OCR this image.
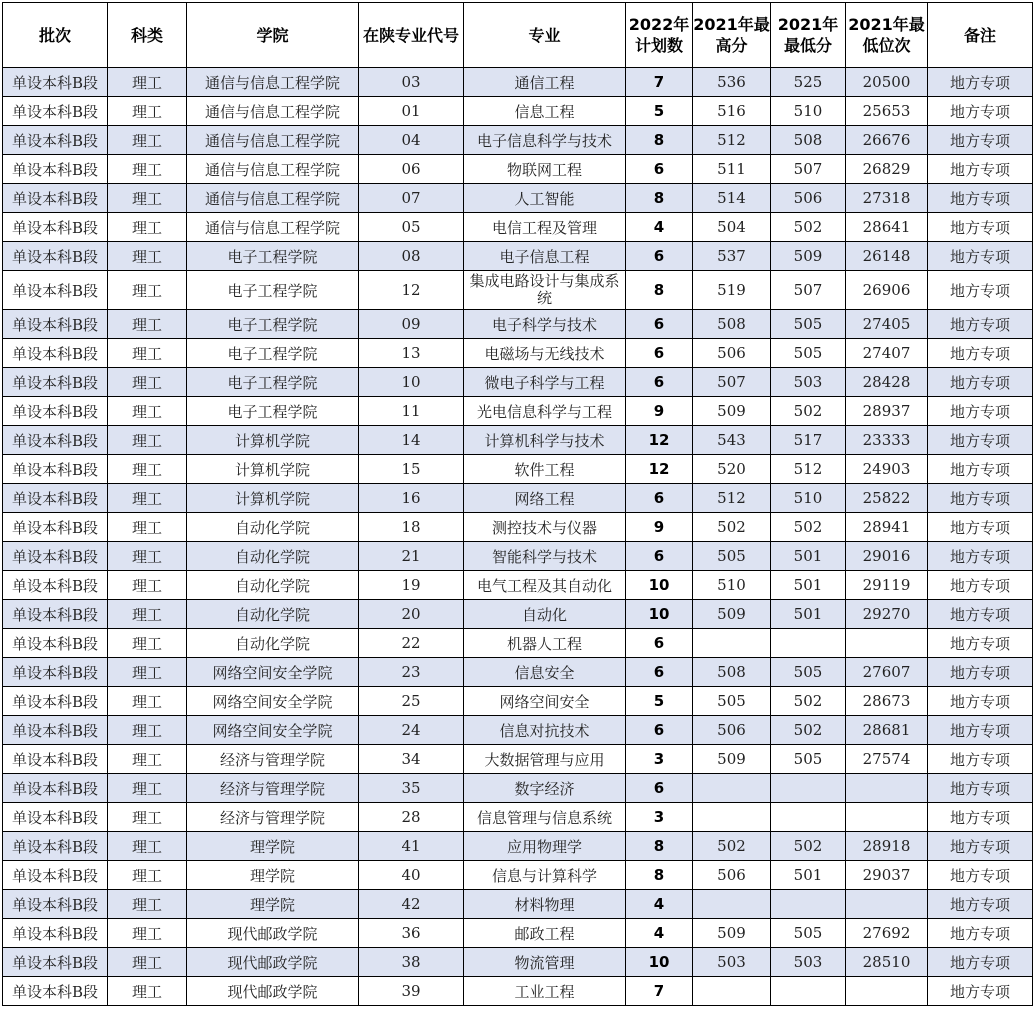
批次	科类	学院	在陕专业代号	专业	2022年计划数	2021年最高分	2021年最低分	2021年最低位次	备注
单设本科B段	理工	通信与信息工程学院	03	通信工程	7	536	525	20500	地方专项
单设本科B段	理工	通信与信息工程学院	01	信息工程	5	516	510	25653	地方专项
单设本科B段	理工	通信与信息工程学院	04	电子信息科学与技术	8	512	508	26676	地方专项
单设本科B段	理工	通信与信息工程学院	06	物联网工程	6	511	507	26829	地方专项
单设本科B段	理工	通信与信息工程学院	07	人工智能	8	514	506	27318	地方专项
单设本科B段	理工	通信与信息工程学院	05	电信工程及管理	4	504	502	28641	地方专项
单设本科B段	理工	电子工程学院	08	电子信息工程	6	537	509	26148	地方专项
单设本科B段	理工	电子工程学院	12	集成电路设计与集成系统	8	519	507	26906	地方专项
单设本科B段	理工	电子工程学院	09	电子科学与技术	6	508	505	27405	地方专项
单设本科B段	理工	电子工程学院	13	电磁场与无线技术	6	506	505	27407	地方专项
单设本科B段	理工	电子工程学院	10	微电子科学与工程	6	507	503	28428	地方专项
单设本科B段	理工	电子工程学院	11	光电信息科学与工程	9	509	502	28937	地方专项
单设本科B段	理工	计算机学院	14	计算机科学与技术	12	543	517	23333	地方专项
单设本科B段	理工	计算机学院	15	软件工程	12	520	512	24903	地方专项
单设本科B段	理工	计算机学院	16	网络工程	6	512	510	25822	地方专项
单设本科B段	理工	自动化学院	18	测控技术与仪器	9	502	502	28941	地方专项
单设本科B段	理工	自动化学院	21	智能科学与技术	6	505	501	29016	地方专项
单设本科B段	理工	自动化学院	19	电气工程及其自动化	10	510	501	29119	地方专项
单设本科B段	理工	自动化学院	20	自动化	10	509	501	29270	地方专项
单设本科B段	理工	自动化学院	22	机器人工程	6				地方专项
单设本科B段	理工	网络空间安全学院	23	信息安全	6	508	505	27607	地方专项
单设本科B段	理工	网络空间安全学院	25	网络空间安全	5	505	502	28673	地方专项
单设本科B段	理工	网络空间安全学院	24	信息对抗技术	6	506	502	28681	地方专项
单设本科B段	理工	经济与管理学院	34	大数据管理与应用	3	509	505	27574	地方专项
单设本科B段	理工	经济与管理学院	35	数字经济	6				地方专项
单设本科B段	理工	经济与管理学院	28	信息管理与信息系统	3				地方专项
单设本科B段	理工	理学院	41	应用物理学	8	502	502	28918	地方专项
单设本科B段	理工	理学院	40	信息与计算科学	8	506	501	29037	地方专项
单设本科B段	理工	理学院	42	材料物理	4				地方专项
单设本科B段	理工	现代邮政学院	36	邮政工程	4	509	505	27692	地方专项
单设本科B段	理工	现代邮政学院	38	物流管理	10	503	503	28510	地方专项
单设本科B段	理工	现代邮政学院	39	工业工程	7				地方专项
